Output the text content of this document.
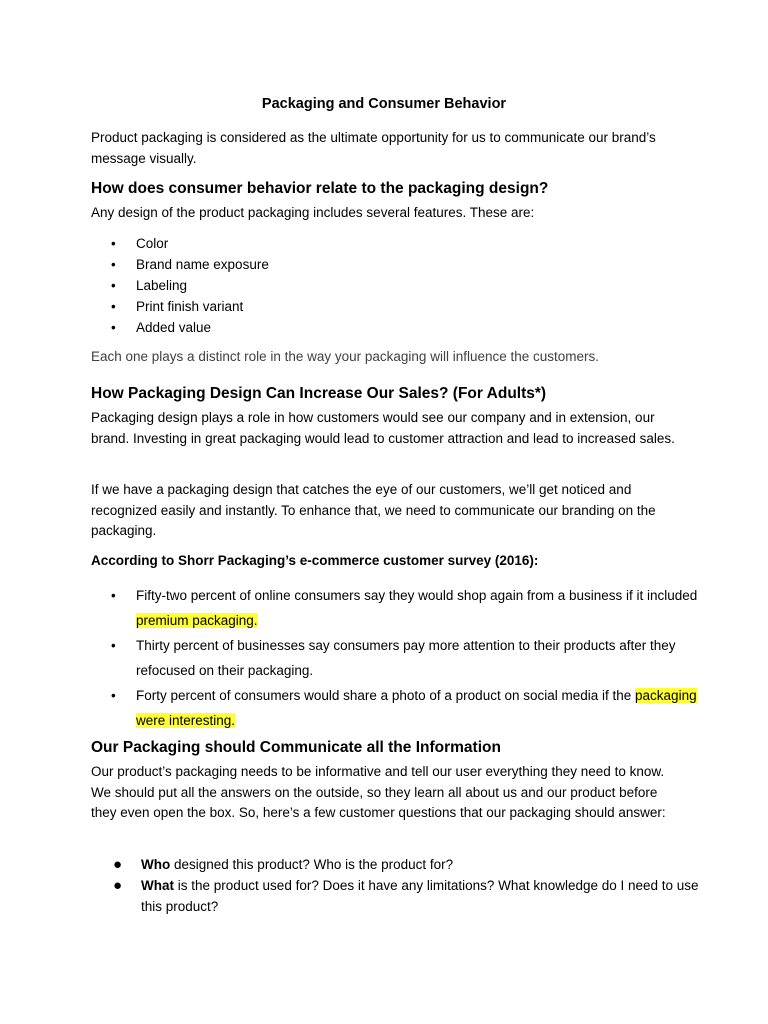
Packaging and Consumer Behavior

Product packaging is considered as the ultimate opportunity for us to communicate our brand’s message visually.

How does consumer behavior relate to the packaging design?

Any design of the product packaging includes several features. These are:

• Color
• Brand name exposure
• Labeling
• Print finish variant
• Added value

Each one plays a distinct role in the way your packaging will influence the customers.

How Packaging Design Can Increase Our Sales? (For Adults*)

Packaging design plays a role in how customers would see our company and in extension, our brand. Investing in great packaging would lead to customer attraction and lead to increased sales.

If we have a packaging design that catches the eye of our customers, we’ll get noticed and recognized easily and instantly. To enhance that, we need to communicate our branding on the packaging.

According to Shorr Packaging’s e-commerce customer survey (2016):

• Fifty-two percent of online consumers say they would shop again from a business if it included premium packaging.
• Thirty percent of businesses say consumers pay more attention to their products after they refocused on their packaging.
• Forty percent of consumers would share a photo of a product on social media if the packaging were interesting.
Our Packaging should Communicate all the Information

Our product’s packaging needs to be informative and tell our user everything they need to know. We should put all the answers on the outside, so they learn all about us and our product before they even open the box. So, here’s a few customer questions that our packaging should answer:

● Who designed this product? Who is the product for?
● What is the product used for? Does it have any limitations? What knowledge do I need to use this product?
